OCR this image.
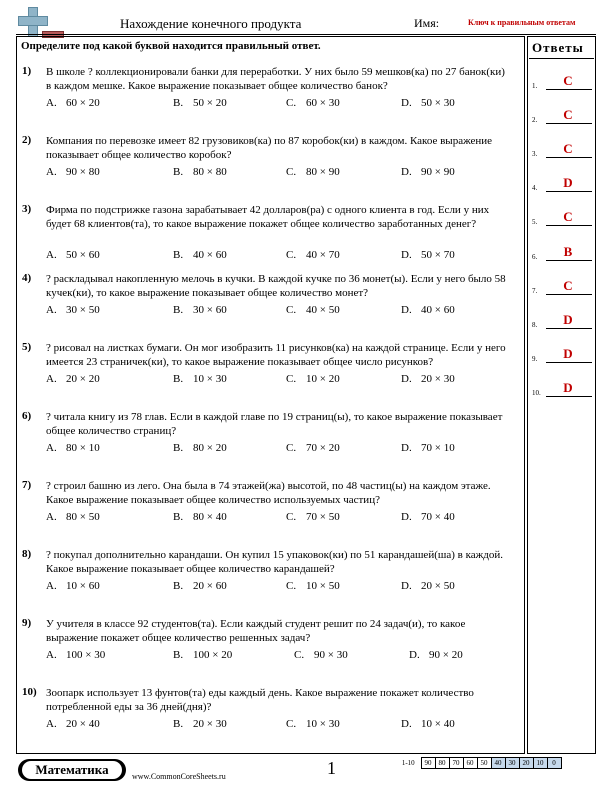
Нахождение конечного продукта	Имя:	Ключ к правильным ответам
Определите под какой буквой находится правильный ответ.
1) В школе ? коллекционировали банки для переработки. У них было 59 мешков(ка) по 27 банок(ки) в каждом мешке. Какое выражение показывает общее количество банок?
A. 60 × 20	B. 50 × 20	C. 60 × 30	D. 50 × 30
2) Компания по перевозке имеет 82 грузовиков(ка) по 87 коробок(ки) в каждом. Какое выражение показывает общее количество коробок?
A. 90 × 80	B. 80 × 80	C. 80 × 90	D. 90 × 90
3) Фирма по подстрижке газона зарабатывает 42 долларов(ра) с одного клиента в год. Если у них будет 68 клиентов(та), то какое выражение покажет общее количество заработанных денег?
A. 50 × 60	B. 40 × 60	C. 40 × 70	D. 50 × 70
4) ? раскладывал накопленную мелочь в кучки. В каждой кучке по 36 монет(ы). Если у него было 58 кучек(ки), то какое выражение показывает общее количество монет?
A. 30 × 50	B. 30 × 60	C. 40 × 50	D. 40 × 60
5) ? рисовал на листках бумаги. Он мог изобразить 11 рисунков(ка) на каждой странице. Если у него имеется 23 страничек(ки), то какое выражение показывает общее число рисунков?
A. 20 × 20	B. 10 × 30	C. 10 × 20	D. 20 × 30
6) ? читала книгу из 78 глав. Если в каждой главе по 19 страниц(ы), то какое выражение показывает общее количество страниц?
A. 80 × 10	B. 80 × 20	C. 70 × 20	D. 70 × 10
7) ? строил башню из лего. Она была в 74 этажей(жа) высотой, по 48 частиц(ы) на каждом этаже. Какое выражение показывает общее количество используемых частиц?
A. 80 × 50	B. 80 × 40	C. 70 × 50	D. 70 × 40
8) ? покупал дополнительно карандаши. Он купил 15 упаковок(ки) по 51 карандашей(ша) в каждой. Какое выражение показывает общее количество карандашей?
A. 10 × 60	B. 20 × 60	C. 10 × 50	D. 20 × 50
9) У учителя в классе 92 студентов(та). Если каждый студент решит по 24 задач(и), то какое выражение покажет общее количество решенных задач?
A. 100 × 30	B. 100 × 20	C. 90 × 30	D. 90 × 20
10) Зоопарк использует 13 фунтов(та) еды каждый день. Какое выражение покажет количество потребленной еды за 36 дней(дня)?
A. 20 × 40	B. 20 × 30	C. 10 × 30	D. 10 × 40
Ответы
1.	C
2.	C
3.	C
4.	D
5.	C
6.	B
7.	C
8.	D
9.	D
10.	D
Математика	www.CommonCoreSheets.ru	1	1-10	90	80	70	60	50	40	30	20	10	0
